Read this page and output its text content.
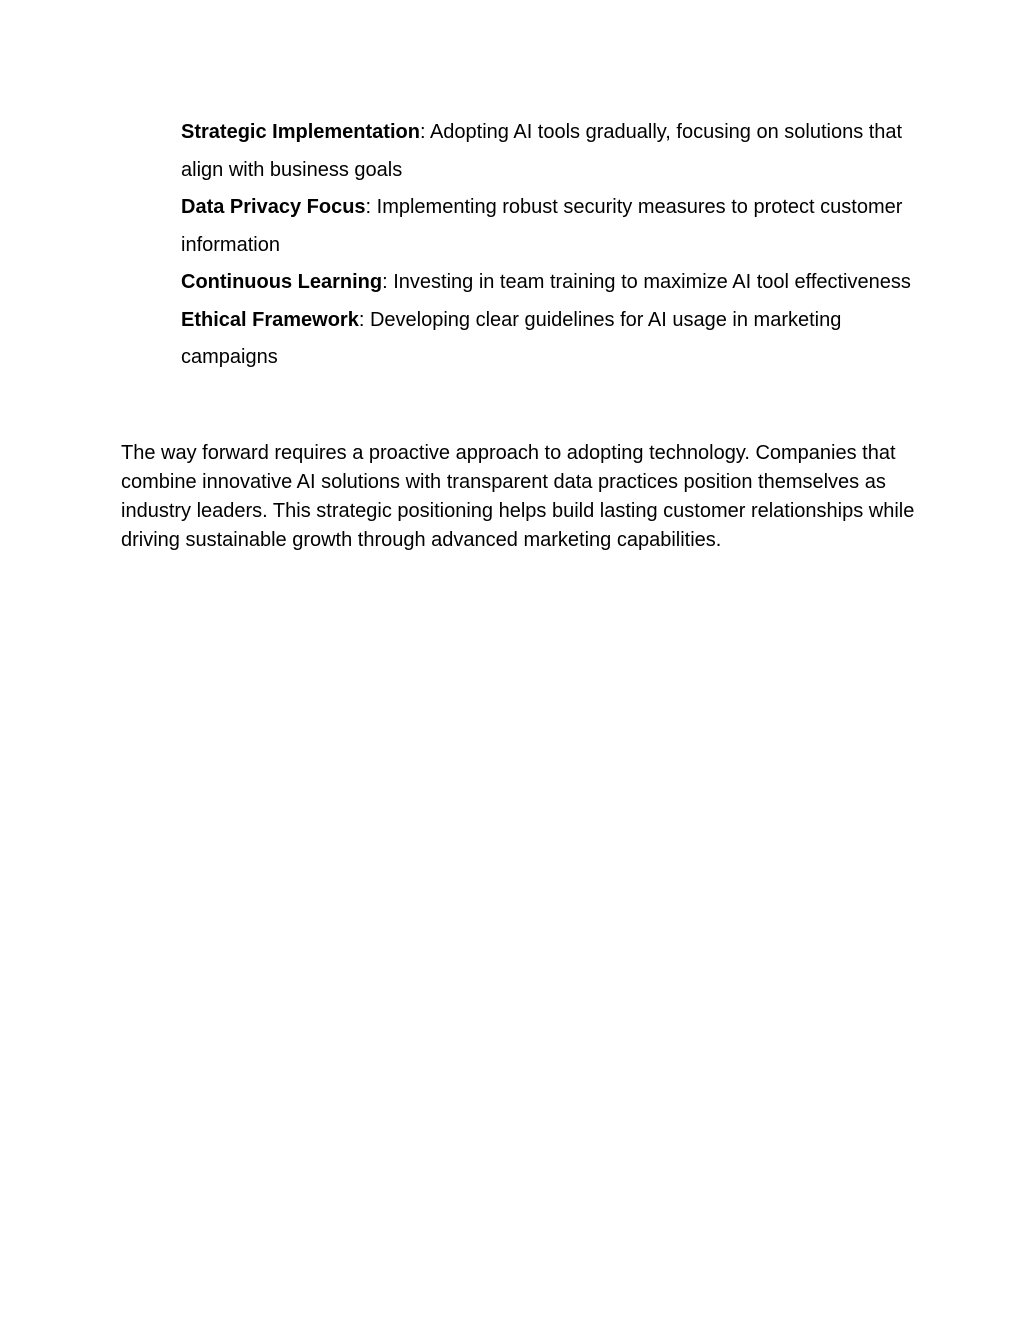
Strategic Implementation: Adopting AI tools gradually, focusing on solutions that align with business goals
Data Privacy Focus: Implementing robust security measures to protect customer information
Continuous Learning: Investing in team training to maximize AI tool effectiveness
Ethical Framework: Developing clear guidelines for AI usage in marketing campaigns

The way forward requires a proactive approach to adopting technology. Companies that combine innovative AI solutions with transparent data practices position themselves as industry leaders. This strategic positioning helps build lasting customer relationships while driving sustainable growth through advanced marketing capabilities.
